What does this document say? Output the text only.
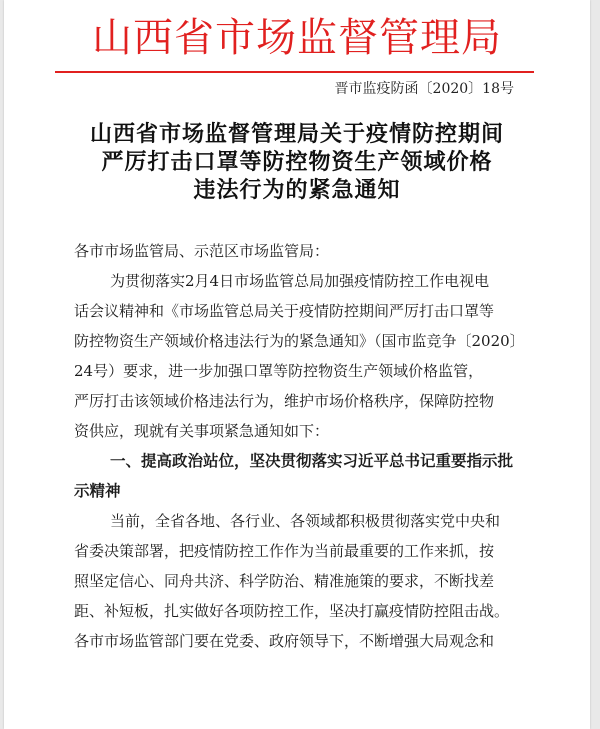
山西省市场监督管理局
晋市监疫防函〔2020〕18号
山西省市场监督管理局关于疫情防控期间
严厉打击口罩等防控物资生产领域价格
违法行为的紧急通知
各市市场监管局、示范区市场监管局：
为贯彻落实2月4日市场监管总局加强疫情防控工作电视电
话会议精神和《市场监管总局关于疫情防控期间严厉打击口罩等
防控物资生产领域价格违法行为的紧急通知》（国市监竞争〔2020〕
24号）要求，进一步加强口罩等防控物资生产领域价格监管，
严厉打击该领域价格违法行为，维护市场价格秩序，保障防控物
资供应，现就有关事项紧急通知如下：
一、提高政治站位，坚决贯彻落实习近平总书记重要指示批
示精神
当前，全省各地、各行业、各领域都积极贯彻落实党中央和
省委决策部署，把疫情防控工作作为当前最重要的工作来抓，按
照坚定信心、同舟共济、科学防治、精准施策的要求，不断找差
距、补短板，扎实做好各项防控工作，坚决打赢疫情防控阻击战。
各市市场监管部门要在党委、政府领导下，不断增强大局观念和
